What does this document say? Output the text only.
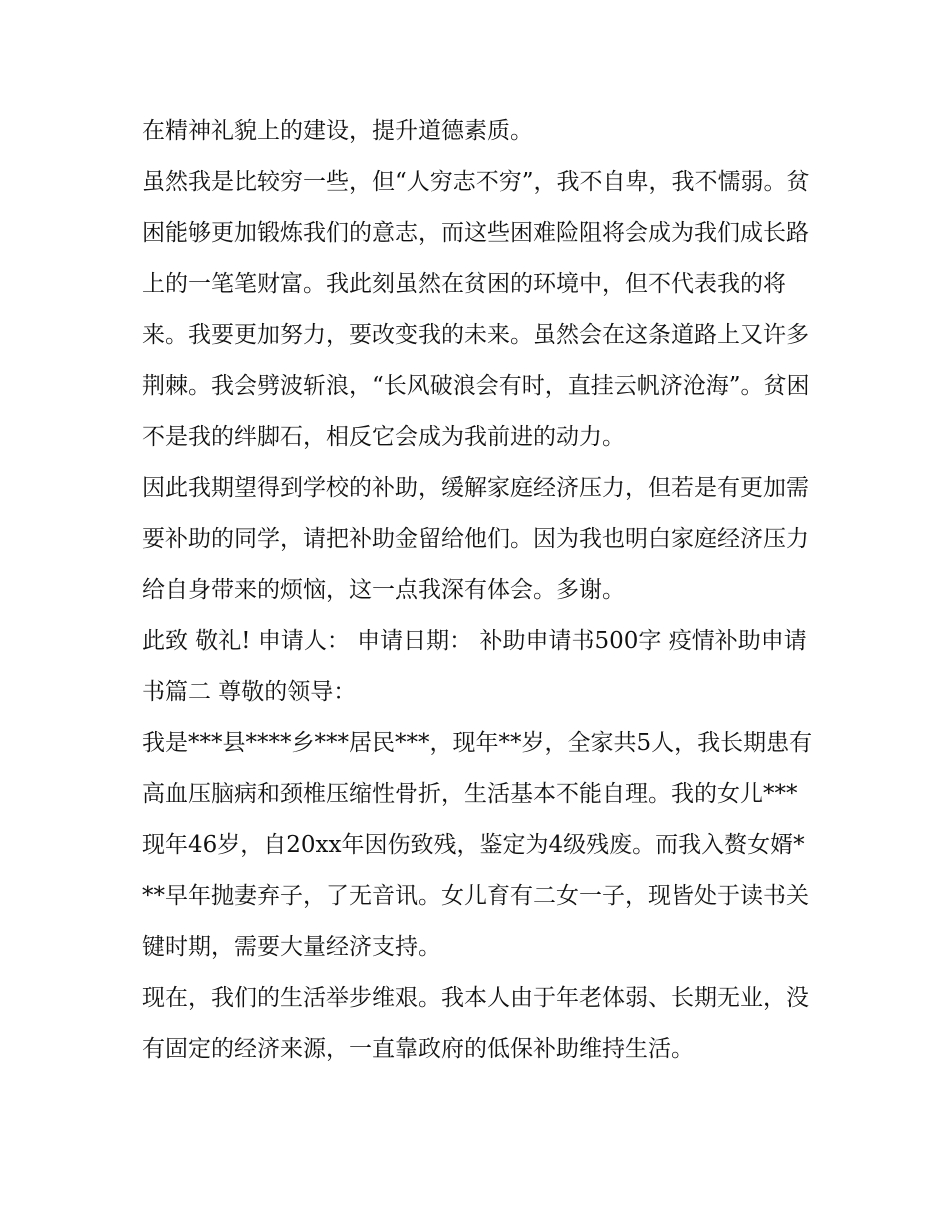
在精神礼貌上的建设，提升道德素质。

虽然我是比较穷一些，但“人穷志不穷”，我不自卑，我不懦弱。贫困能够更加锻炼我们的意志，而这些困难险阻将会成为我们成长路上的一笔笔财富。我此刻虽然在贫困的环境中，但不代表我的将来。我要更加努力，要改变我的未来。虽然会在这条道路上又许多荆棘。我会劈波斩浪，“长风破浪会有时，直挂云帆济沧海”。贫困不是我的绊脚石，相反它会成为我前进的动力。

因此我期望得到学校的补助，缓解家庭经济压力，但若是有更加需要补助的同学，请把补助金留给他们。因为我也明白家庭经济压力给自身带来的烦恼，这一点我深有体会。多谢。

此致 敬礼! 申请人： 申请日期： 补助申请书500字 疫情补助申请书篇二 尊敬的领导：

我是***县****乡***居民***，现年**岁，全家共5人，我长期患有高血压脑病和颈椎压缩性骨折，生活基本不能自理。我的女儿***现年46岁，自20xx年因伤致残，鉴定为4级残废。而我入赘女婿***早年抛妻弃子，了无音讯。女儿育有二女一子，现皆处于读书关键时期，需要大量经济支持。

现在，我们的生活举步维艰。我本人由于年老体弱、长期无业，没有固定的经济来源，一直靠政府的低保补助维持生活。
